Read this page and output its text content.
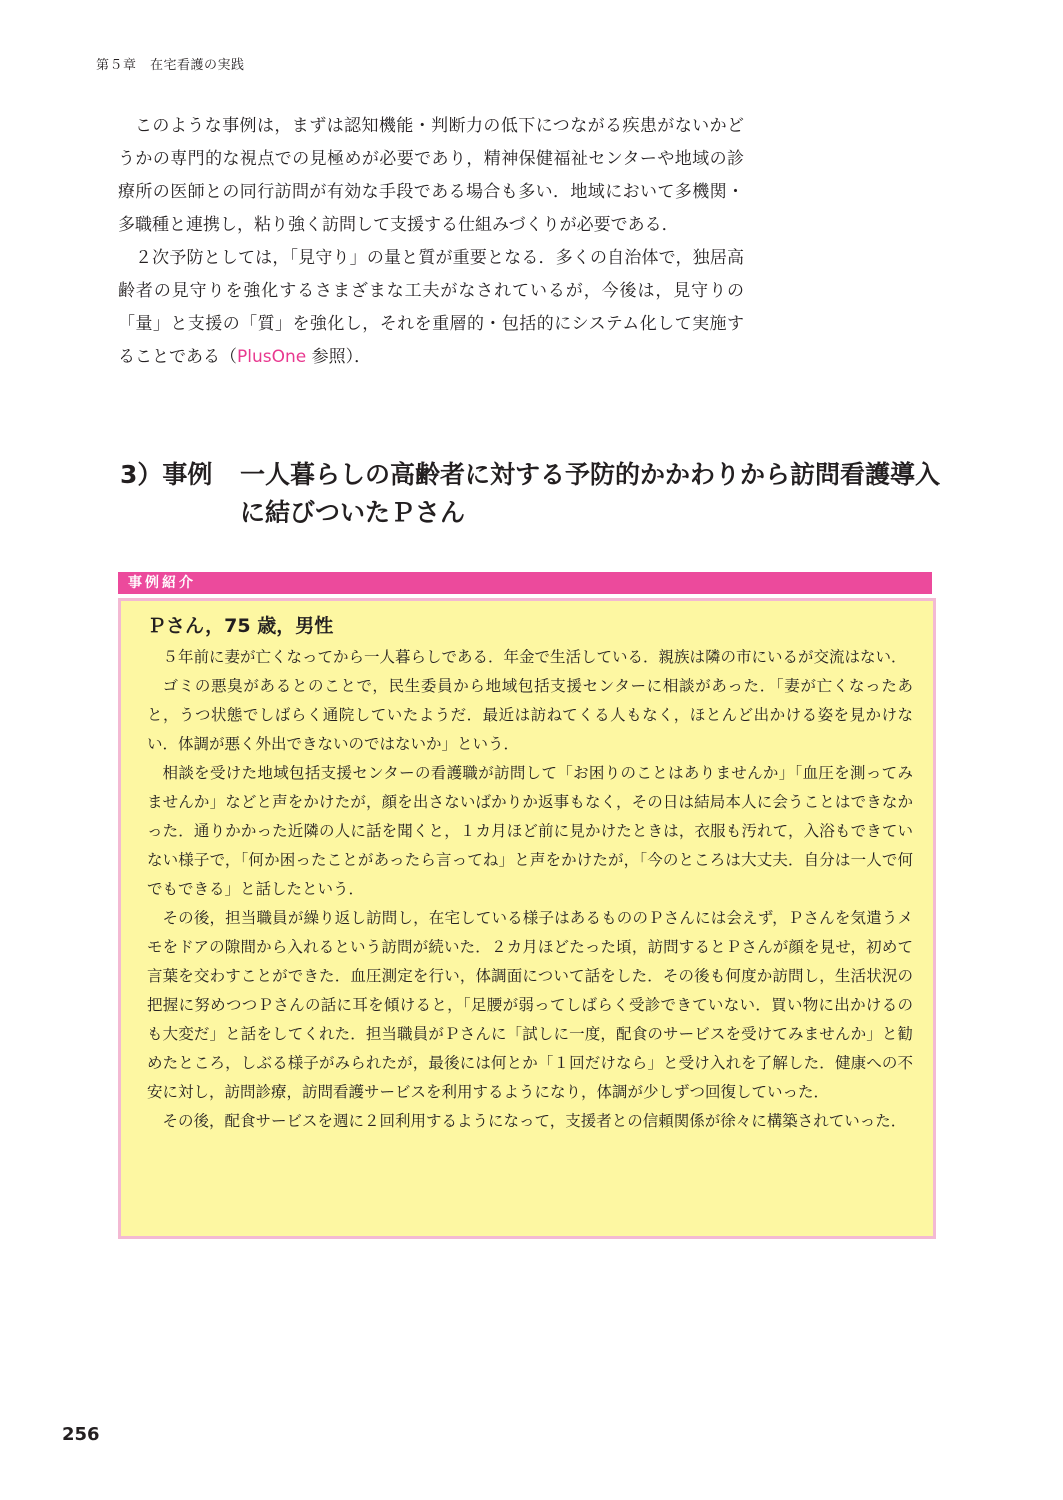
第５章　在宅看護の実践

このような事例は，まずは認知機能・判断力の低下につながる疾患がないかどうかの専門的な視点での見極めが必要であり，精神保健福祉センターや地域の診療所の医師との同行訪問が有効な手段である場合も多い．地域において多機関・多職種と連携し，粘り強く訪問して支援する仕組みづくりが必要である．

２次予防としては，「見守り」の量と質が重要となる．多くの自治体で，独居高齢者の見守りを強化するさまざまな工夫がなされているが，今後は，見守りの「量」と支援の「質」を強化し，それを重層的・包括的にシステム化して実施することである（PlusOne 参照）．

3）事例	一人暮らしの高齢者に対する予防的かかわりから訪問看護導入に結びついたＰさん
事例紹介
Ｐさん，75 歳，男性

５年前に妻が亡くなってから一人暮らしである．年金で生活している．親族は隣の市にいるが交流はない．

ゴミの悪臭があるとのことで，民生委員から地域包括支援センターに相談があった．「妻が亡くなったあと，うつ状態でしばらく通院していたようだ．最近は訪ねてくる人もなく，ほとんど出かける姿を見かけない．体調が悪く外出できないのではないか」という．

相談を受けた地域包括支援センターの看護職が訪問して「お困りのことはありませんか」「血圧を測ってみませんか」などと声をかけたが，顔を出さないばかりか返事もなく，その日は結局本人に会うことはできなかった．通りかかった近隣の人に話を聞くと，１カ月ほど前に見かけたときは，衣服も汚れて，入浴もできていない様子で，「何か困ったことがあったら言ってね」と声をかけたが，「今のところは大丈夫．自分は一人で何でもできる」と話したという．

その後，担当職員が繰り返し訪問し，在宅している様子はあるもののＰさんには会えず，Ｐさんを気遣うメモをドアの隙間から入れるという訪問が続いた．２カ月ほどたった頃，訪問するとＰさんが顔を見せ，初めて言葉を交わすことができた．血圧測定を行い，体調面について話をした．その後も何度か訪問し，生活状況の把握に努めつつＰさんの話に耳を傾けると，「足腰が弱ってしばらく受診できていない．買い物に出かけるのも大変だ」と話をしてくれた．担当職員がＰさんに「試しに一度，配食のサービスを受けてみませんか」と勧めたところ，しぶる様子がみられたが，最後には何とか「１回だけなら」と受け入れを了解した．健康への不安に対し，訪問診療，訪問看護サービスを利用するようになり，体調が少しずつ回復していった．

その後，配食サービスを週に２回利用するようになって，支援者との信頼関係が徐々に構築されていった．

256
